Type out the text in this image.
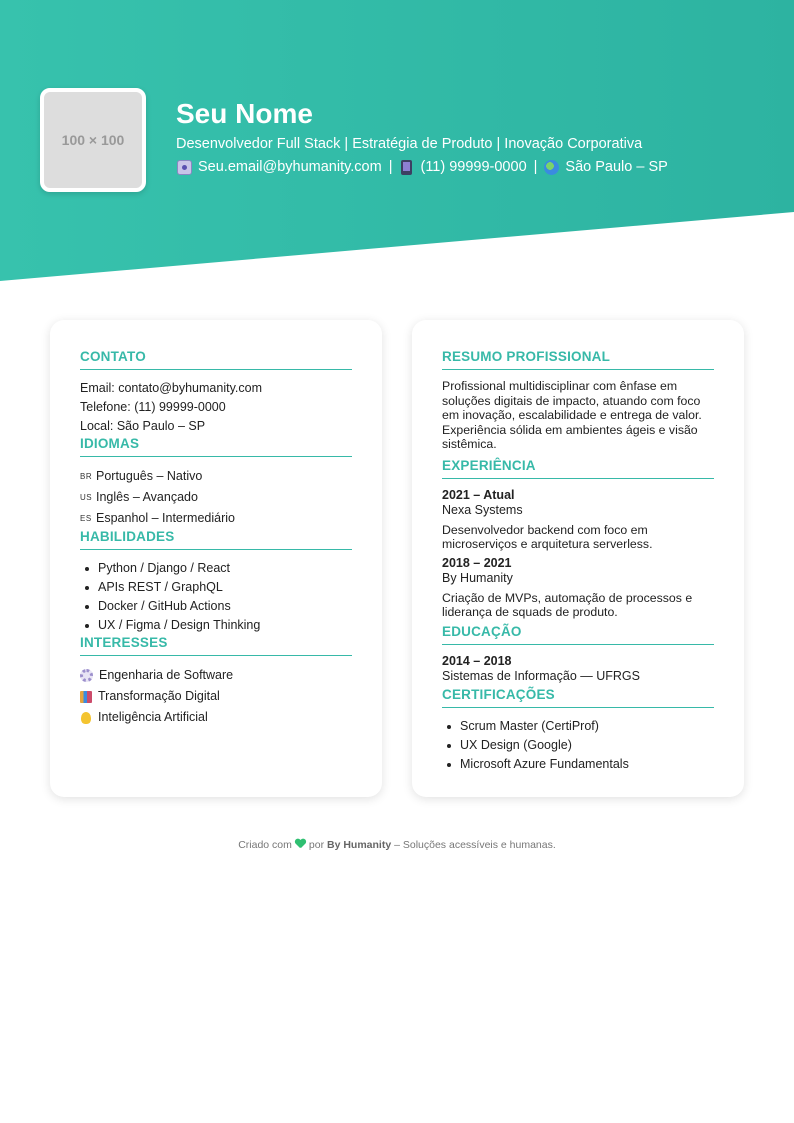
100 × 100
Seu Nome
Desenvolvedor Full Stack | Estratégia de Produto | Inovação Corporativa
Seu.email@byhumanity.com | (11) 99999-0000 | São Paulo – SP
CONTATO
Email: contato@byhumanity.com
Telefone: (11) 99999-0000
Local: São Paulo – SP
IDIOMAS
BR Português – Nativo
US Inglês – Avançado
ES Espanhol – Intermediário
HABILIDADES
Python / Django / React
APIs REST / GraphQL
Docker / GitHub Actions
UX / Figma / Design Thinking
INTERESSES
Engenharia de Software
Transformação Digital
Inteligência Artificial
RESUMO PROFISSIONAL
Profissional multidisciplinar com ênfase em soluções digitais de impacto, atuando com foco em inovação, escalabilidade e entrega de valor. Experiência sólida em ambientes ágeis e visão sistêmica.
EXPERIÊNCIA
2021 – Atual
Nexa Systems
Desenvolvedor backend com foco em microserviços e arquitetura serverless.
2018 – 2021
By Humanity
Criação de MVPs, automação de processos e liderança de squads de produto.
EDUCAÇÃO
2014 – 2018
Sistemas de Informação — UFRGS
CERTIFICAÇÕES
Scrum Master (CertiProf)
UX Design (Google)
Microsoft Azure Fundamentals
Criado com por By Humanity – Soluções acessíveis e humanas.
